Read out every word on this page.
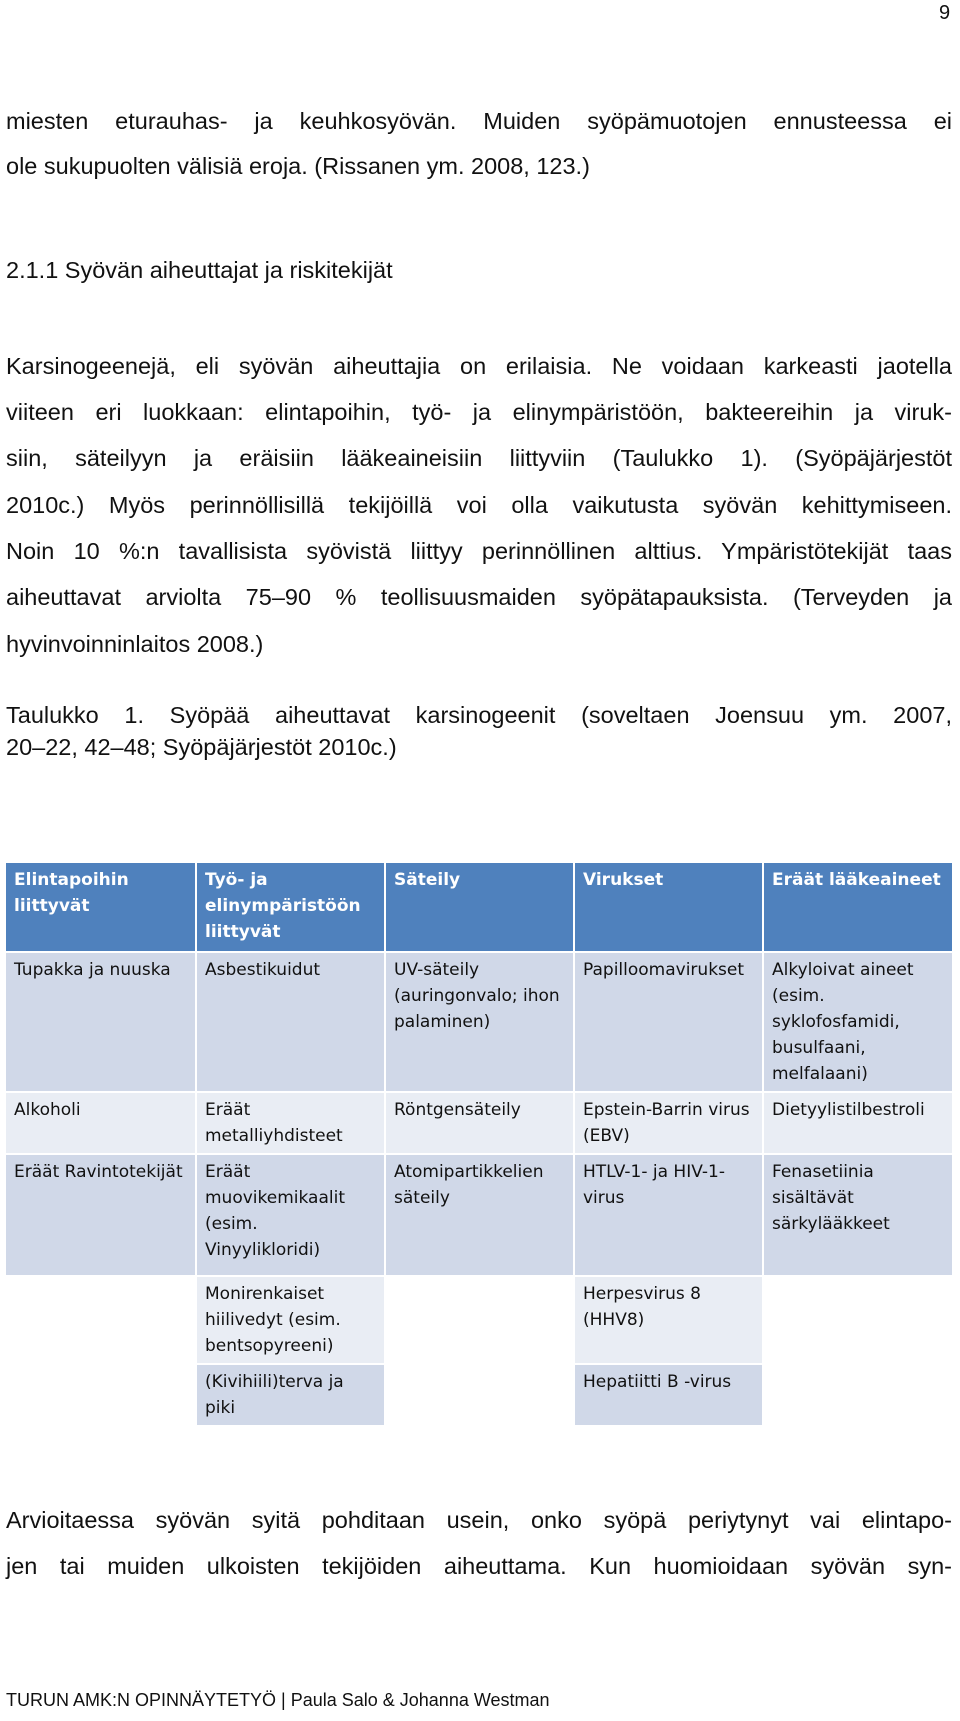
9
miesten eturauhas- ja keuhkosyövän. Muiden syöpämuotojen ennusteessa ei
ole sukupuolten välisiä eroja. (Rissanen ym. 2008, 123.)
2.1.1 Syövän aiheuttajat ja riskitekijät
Karsinogeenejä, eli syövän aiheuttajia on erilaisia. Ne voidaan karkeasti jaotella
viiteen eri luokkaan: elintapoihin, työ- ja elinympäristöön, bakteereihin ja viruk-
siin, säteilyyn ja eräisiin lääkeaineisiin liittyviin (Taulukko 1). (Syöpäjärjestöt
2010c.) Myös perinnöllisillä tekijöillä voi olla vaikutusta syövän kehittymiseen.
Noin 10 %:n tavallisista syövistä liittyy perinnöllinen alttius. Ympäristötekijät taas
aiheuttavat arviolta 75–90 % teollisuusmaiden syöpätapauksista. (Terveyden ja
hyvinvoinninlaitos 2008.)
Taulukko 1. Syöpää aiheuttavat karsinogeenit (soveltaen Joensuu ym. 2007,
20–22, 42–48; Syöpäjärjestöt 2010c.)
Elintapoihin liittyvät	Työ- ja elinympäristöön liittyvät	Säteily	Virukset	Eräät lääkeaineet
Tupakka ja nuuska	Asbestikuidut	UV-säteily (auringonvalo; ihon palaminen)	Papilloomavirukset	Alkyloivat aineet (esim. syklofosfamidi, busulfaani, melfalaani)
Alkoholi	Eräät metalliyhdisteet	Röntgensäteily	Epstein-Barrin virus (EBV)	Dietyylistilbestroli
Eräät Ravintotekijät	Eräät muovikemikaalit (esim. Vinyylikloridi)	Atomipartikkelien säteily	HTLV-1- ja HIV-1-virus	Fenasetiinia sisältävät särkylääkkeet
	Monirenkaiset hiilivedyt (esim. bentsopyreeni)		Herpesvirus 8 (HHV8)	
	(Kivihiili)terva ja piki		Hepatiitti B -virus	
Arvioitaessa syövän syitä pohditaan usein, onko syöpä periytynyt vai elintapo-
jen tai muiden ulkoisten tekijöiden aiheuttama. Kun huomioidaan syövän syn-
TURUN AMK:N OPINNÄYTETYÖ | Paula Salo & Johanna Westman
